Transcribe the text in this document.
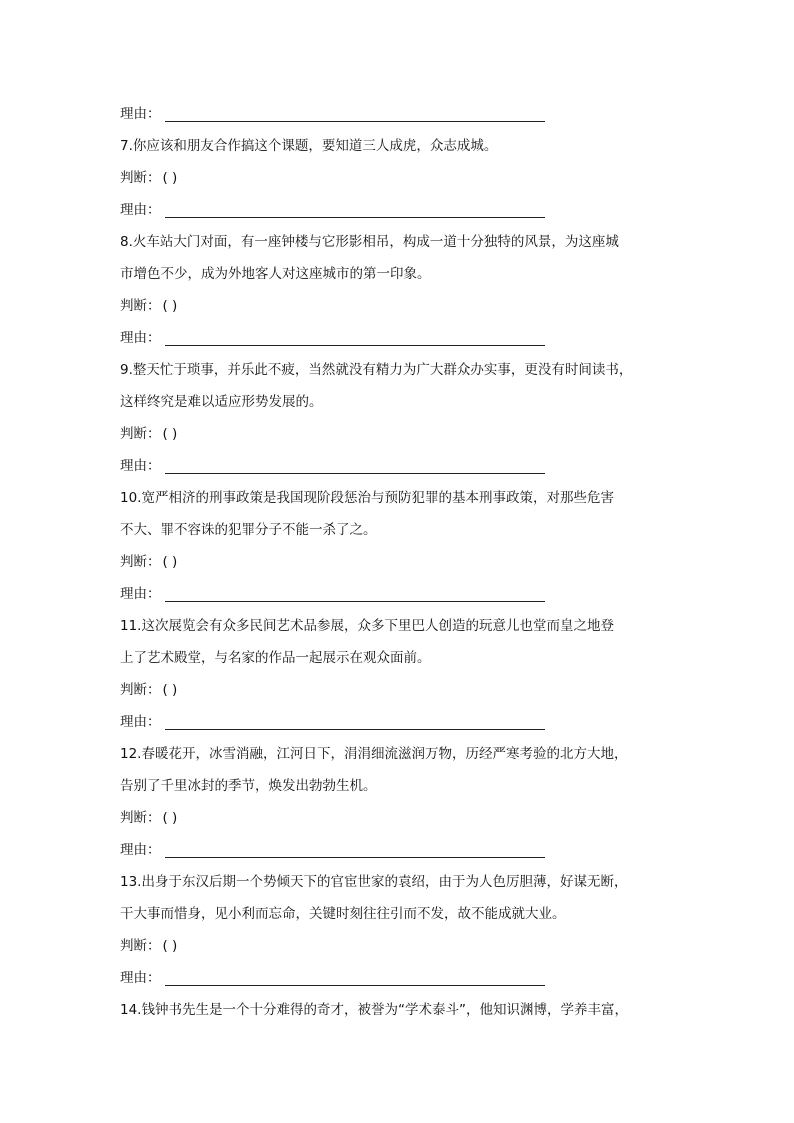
理由：
7.你应该和朋友合作搞这个课题，要知道三人成虎，众志成城。
判断： ( )
理由：
8.火车站大门对面，有一座钟楼与它形影相吊，构成一道十分独特的风景，为这座城
市增色不少，成为外地客人对这座城市的第一印象。
判断： ( )
理由：
9.整天忙于琐事，并乐此不疲，当然就没有精力为广大群众办实事，更没有时间读书，
这样终究是难以适应形势发展的。
判断： ( )
理由：
10.宽严相济的刑事政策是我国现阶段惩治与预防犯罪的基本刑事政策，对那些危害
不大、罪不容诛的犯罪分子不能一杀了之。
判断： ( )
理由：
11.这次展览会有众多民间艺术品参展，众多下里巴人创造的玩意儿也堂而皇之地登
上了艺术殿堂，与名家的作品一起展示在观众面前。
判断： ( )
理由：
12.春暖花开，冰雪消融，江河日下，涓涓细流滋润万物，历经严寒考验的北方大地，
告别了千里冰封的季节，焕发出勃勃生机。
判断： ( )
理由：
13.出身于东汉后期一个势倾天下的官宦世家的袁绍，由于为人色厉胆薄，好谋无断，
干大事而惜身，见小利而忘命，关键时刻往往引而不发，故不能成就大业。
判断： ( )
理由：
14.钱钟书先生是一个十分难得的奇才，被誉为“学术泰斗”，他知识渊博，学养丰富，
